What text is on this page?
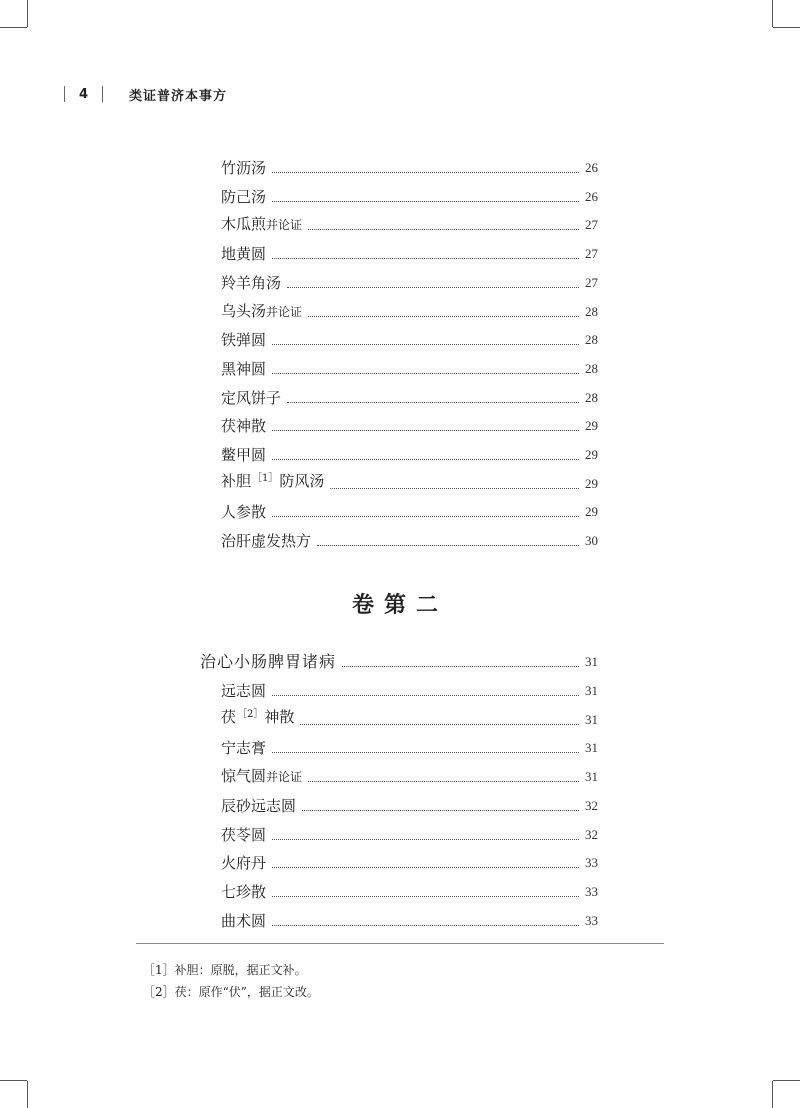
4	类证普济本事方
竹沥汤	26
防己汤	26
木瓜煎并论证	27
地黄圆	27
羚羊角汤	27
乌头汤并论证	28
铁弹圆	28
黑神圆	28
定风饼子	28
茯神散	29
鳖甲圆	29
补胆$^{[1]}$防风汤	29
人参散	29
治肝虚发热方	30
卷第二
治心小肠脾胃诸病	31
远志圆	31
茯$^{[2]}$神散	31
宁志膏	31
惊气圆并论证	31
辰砂远志圆	32
茯苓圆	32
火府丹	33
七珍散	33
曲术圆	33
［1］补胆：原脱，据正文补。
［2］茯：原作“伏”，据正文改。
